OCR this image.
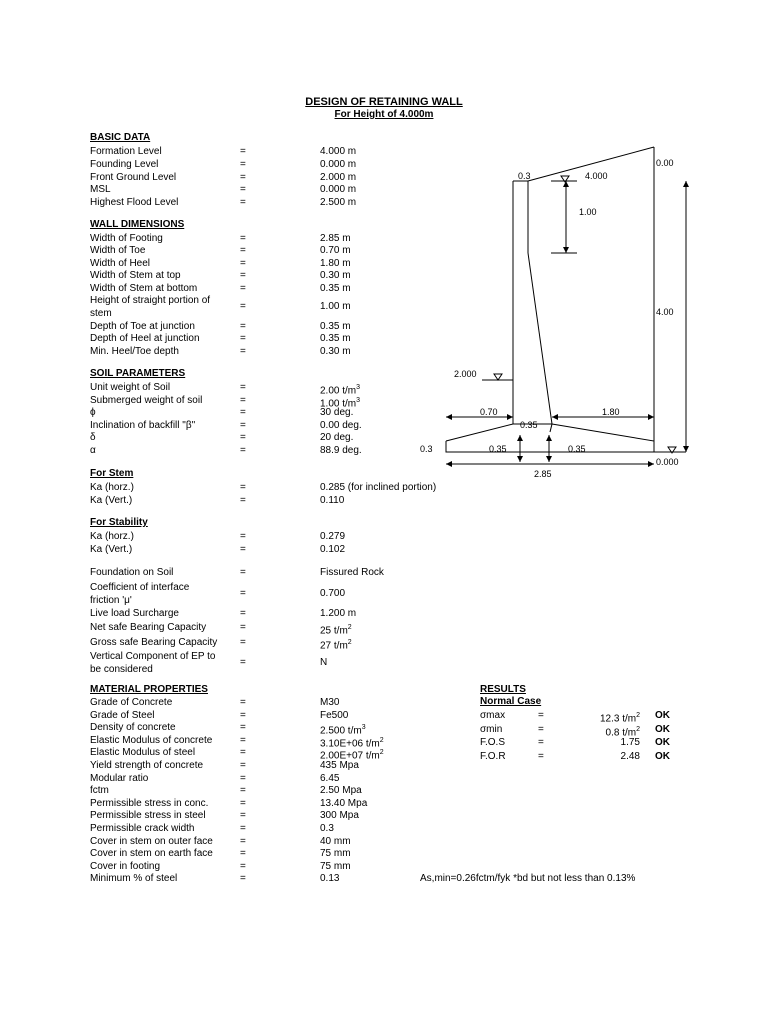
DESIGN OF RETAINING WALL
For Height of 4.000m
BASIC DATA
Formation Level	=	4.000 m
Founding Level	=	0.000 m
Front Ground Level	=	2.000 m
MSL	=	0.000 m
Highest Flood Level	=	2.500 m
WALL DIMENSIONS
Width of Footing	=	2.85 m
Width of Toe	=	0.70 m
Width of Heel	=	1.80 m
Width of Stem at top	=	0.30 m
Width of Stem at bottom	=	0.35 m
Height of straight portion of stem
=	1.00 m
Depth of Toe at junction	=	0.35 m
Depth of Heel at junction	=	0.35 m
Min. Heel/Toe depth	=	0.30 m
SOIL PARAMETERS
Unit weight of Soil	=	2.00 $t/m^3$
Submerged weight of soil	=	1.00 $t/m^3$
ϕ	=	30 deg.
Inclination of backfill "β"	=	0.00 deg.
δ	=	20 deg.
α	=	88.9 deg.
For Stem
Ka (horz.)	=	0.285 (for inclined portion)
Ka (Vert.)	=	0.110
For Stability
Ka (horz.)	=	0.279
Ka (Vert.)	=	0.102
Foundation on Soil	=	Fissured Rock
Coefficient of interface friction 'μ'
=	0.700
Live load Surcharge	=	1.200 m
Net safe Bearing Capacity	=	25 $t/m^2$
Gross safe Bearing Capacity	=	27 $t/m^2$
Vertical Component of EP to be considered
=	N
MATERIAL PROPERTIES
Grade of Concrete	=	M30
Grade of Steel	=	Fe500
Density of concrete	=	2.500 $t/m^3$
Elastic Modulus of concrete	=	3.10E+06 $t/m^2$
Elastic Modulus of steel	=	2.00E+07 $t/m^2$
Yield strength of concrete	=	435 Mpa
Modular ratio	=	6.45
fctm	=	2.50 Mpa
Permissible stress in conc.	=	13.40 Mpa
Permissible stress in steel	=	300 Mpa
Permissible crack width	=	0.3
Cover in stem on outer face	=	40 mm
Cover in stem on earth face	=	75 mm
Cover in footing	=	75 mm
Minimum % of steel	=	0.13	As,min=0.26fctm/fyk *bd but not less than 0.13%
RESULTS
Normal Case
σmax	=	12.3 $t/m^2$ OK
σmin	=	0.8 $t/m^2$ OK
F.O.S	=	1.75 OK
F.O.R	=	2.48 OK
0.3	4.000
0.00
1.00
4.00
2.000
0.70	1.80
0.35
0.35	0.35
0.3
0.000
2.85
